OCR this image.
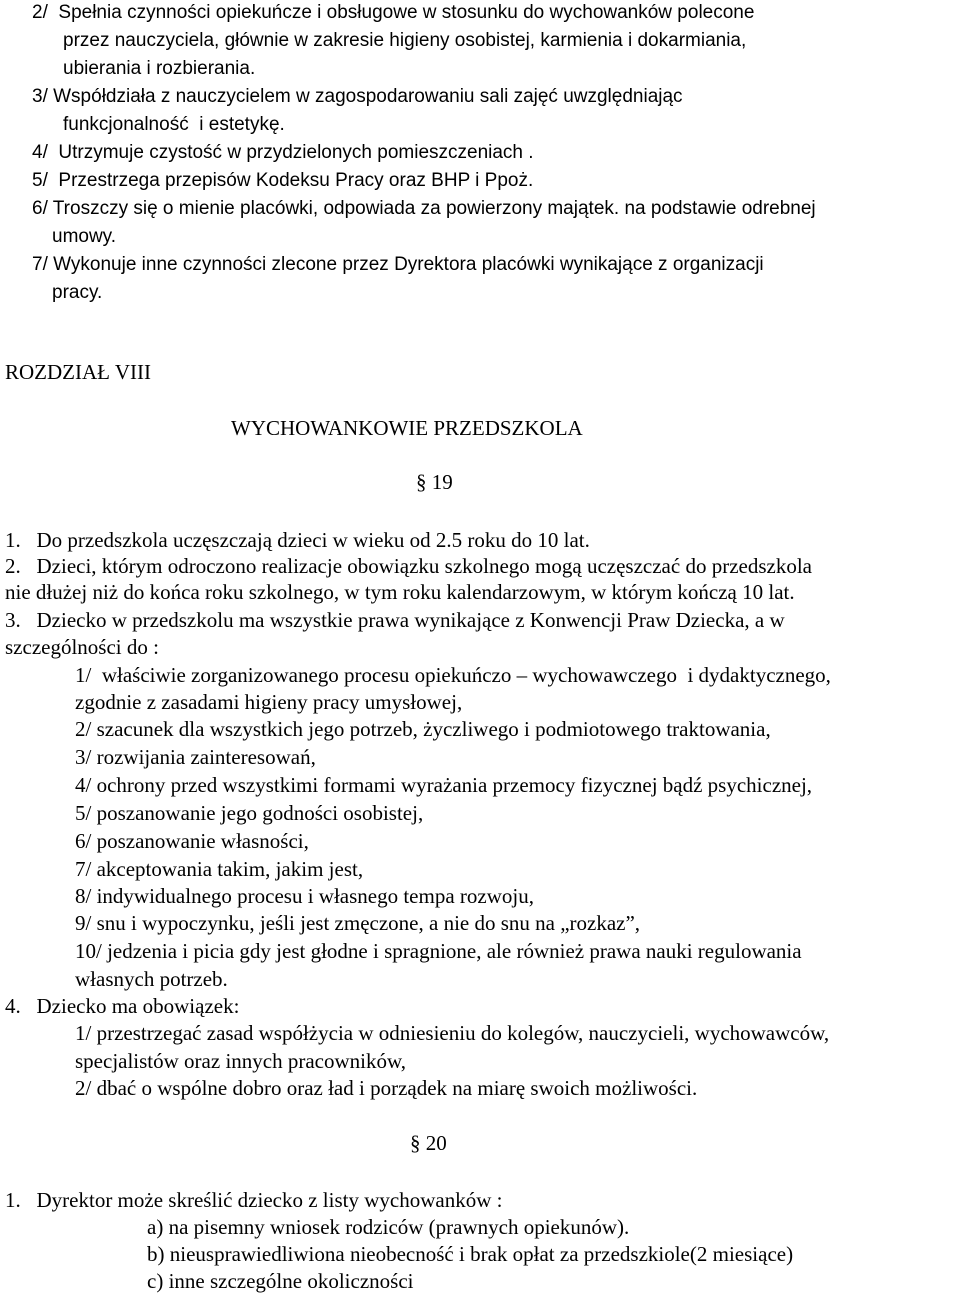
2/  Spełnia czynności opiekuńcze i obsługowe w stosunku do wychowanków polecone
przez nauczyciela, głównie w zakresie higieny osobistej, karmienia i dokarmiania,
ubierania i rozbierania.
3/ Współdziała z nauczycielem w zagospodarowaniu sali zajęć uwzględniając
funkcjonalność  i estetykę.
4/  Utrzymuje czystość w przydzielonych pomieszczeniach .
5/  Przestrzega przepisów Kodeksu Pracy oraz BHP i Ppoż.
6/ Troszczy się o mienie placówki, odpowiada za powierzony majątek. na podstawie odrebnej
umowy.
7/ Wykonuje inne czynności zlecone przez Dyrektora placówki wynikające z organizacji
pracy.
ROZDZIAŁ VIII
WYCHOWANKOWIE PRZEDSZKOLA
§ 19
1.   Do przedszkola uczęszczają dzieci w wieku od 2.5 roku do 10 lat.
2.   Dzieci, którym odroczono realizacje obowiązku szkolnego mogą uczęszczać do przedszkola
nie dłużej niż do końca roku szkolnego, w tym roku kalendarzowym, w którym kończą 10 lat.
3.   Dziecko w przedszkolu ma wszystkie prawa wynikające z Konwencji Praw Dziecka, a w
szczególności do :
1/  właściwie zorganizowanego procesu opiekuńczo – wychowawczego  i dydaktycznego,
zgodnie z zasadami higieny pracy umysłowej,
2/ szacunek dla wszystkich jego potrzeb, życzliwego i podmiotowego traktowania,
3/ rozwijania zainteresowań,
4/ ochrony przed wszystkimi formami wyrażania przemocy fizycznej bądź psychicznej,
5/ poszanowanie jego godności osobistej,
6/ poszanowanie własności,
7/ akceptowania takim, jakim jest,
8/ indywidualnego procesu i własnego tempa rozwoju,
9/ snu i wypoczynku, jeśli jest zmęczone, a nie do snu na „rozkaz”,
10/ jedzenia i picia gdy jest głodne i spragnione, ale również prawa nauki regulowania
własnych potrzeb.
4.   Dziecko ma obowiązek:
1/ przestrzegać zasad współżycia w odniesieniu do kolegów, nauczycieli, wychowawców,
specjalistów oraz innych pracowników,
2/ dbać o wspólne dobro oraz ład i porządek na miarę swoich możliwości.
§ 20
1.   Dyrektor może skreślić dziecko z listy wychowanków :
a) na pisemny wniosek rodziców (prawnych opiekunów).
b) nieusprawiedliwiona nieobecność i brak opłat za przedszkiole(2 miesiące)
c) inne szczególne okoliczności
